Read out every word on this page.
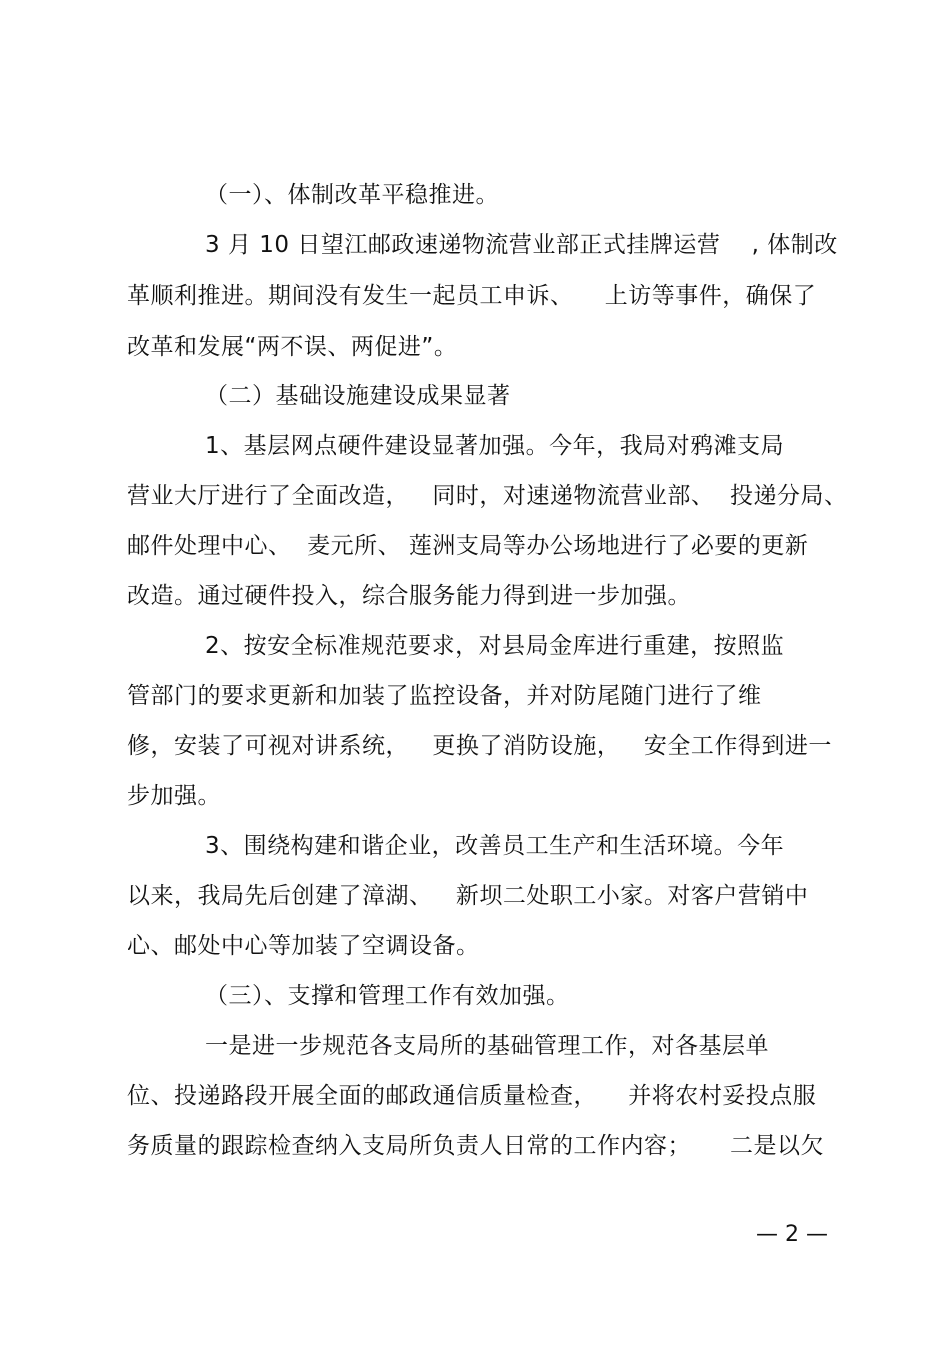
（一）、体制改革平稳推进。
3 月 10 日望江邮政速递物流营业部正式挂牌运营    , 体制改
革顺利推进。期间没有发生一起员工申诉、    上访等事件，确保了
改革和发展“两不误、两促进”。
（二）基础设施建设成果显著
1、基层网点硬件建设显著加强。今年，我局对鸦滩支局
营业大厅进行了全面改造，   同时，对速递物流营业部、  投递分局、
邮件处理中心、  麦元所、 莲洲支局等办公场地进行了必要的更新
改造。通过硬件投入，综合服务能力得到进一步加强。
2、按安全标准规范要求，对县局金库进行重建，按照监
管部门的要求更新和加装了监控设备，并对防尾随门进行了维
修，安装了可视对讲系统，   更换了消防设施，   安全工作得到进一
步加强。
3、围绕构建和谐企业，改善员工生产和生活环境。今年
以来，我局先后创建了漳湖、   新坝二处职工小家。对客户营销中
心、邮处中心等加装了空调设备。
（三）、支撑和管理工作有效加强。
一是进一步规范各支局所的基础管理工作，对各基层单
位、投递路段开展全面的邮政通信质量检查，    并将农村妥投点服
务质量的跟踪检查纳入支局所负责人日常的工作内容；     二是以欠
— 2 —
